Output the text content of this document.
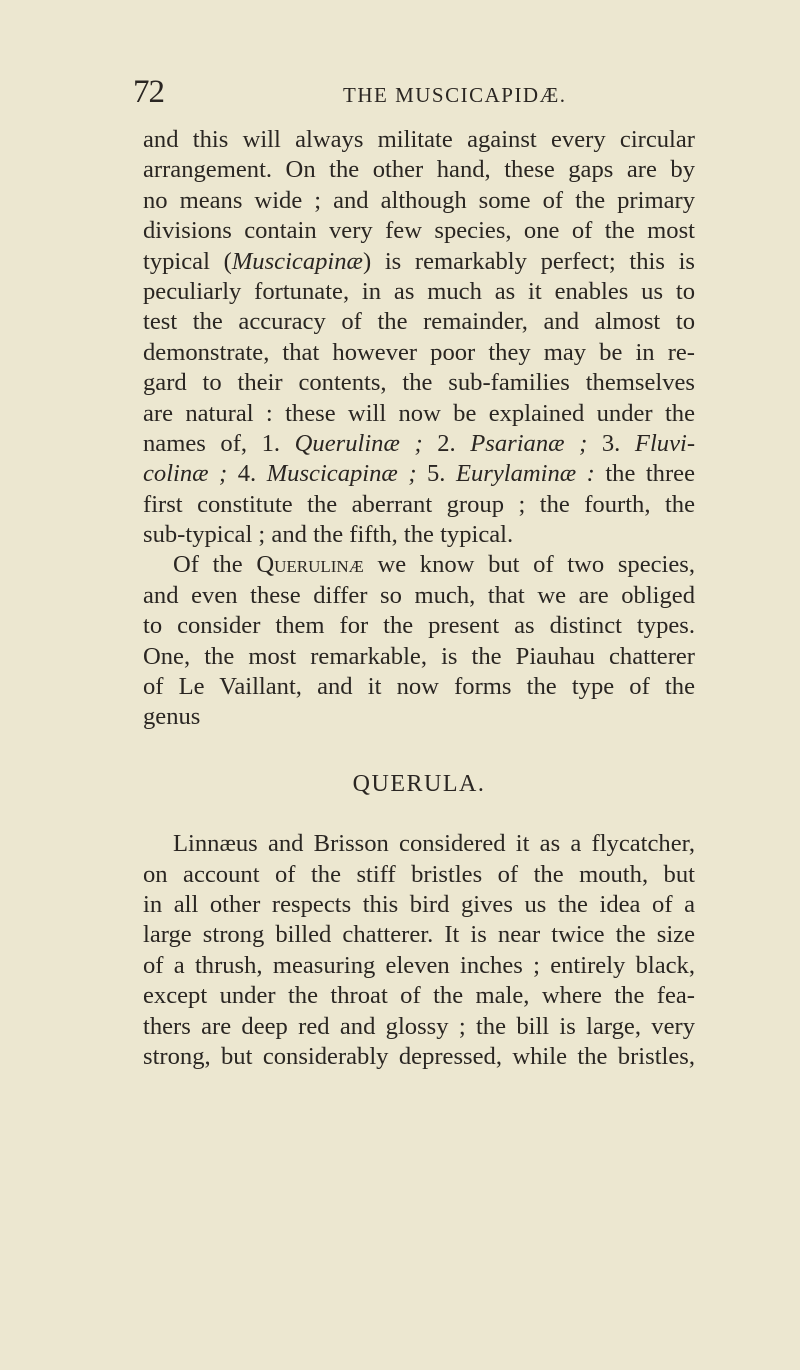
72	THE MUSCICAPIDÆ.
and this will always militate against every circular
arrangement. On the other hand, these gaps are by
no means wide ; and although some of the primary
divisions contain very few species, one of the most
typical (Muscicapinæ) is remarkably perfect; this is
peculiarly fortunate, in as much as it enables us to
test the accuracy of the remainder, and almost to
demonstrate, that however poor they may be in re-
gard to their contents, the sub-families themselves
are natural : these will now be explained under the
names of, 1. Querulinæ ; 2. Psarianæ ; 3. Fluvi-
colinæ ; 4. Muscicapinæ ; 5. Eurylaminæ : the three
first constitute the aberrant group ; the fourth, the
sub-typical ; and the fifth, the typical.
Of the Querulinæ we know but of two species,
and even these differ so much, that we are obliged
to consider them for the present as distinct types.
One, the most remarkable, is the Piauhau chatterer
of Le Vaillant, and it now forms the type of the
genus
QUERULA.
Linnæus and Brisson considered it as a flycatcher,
on account of the stiff bristles of the mouth, but
in all other respects this bird gives us the idea of a
large strong billed chatterer. It is near twice the size
of a thrush, measuring eleven inches ; entirely black,
except under the throat of the male, where the fea-
thers are deep red and glossy ; the bill is large, very
strong, but considerably depressed, while the bristles,
